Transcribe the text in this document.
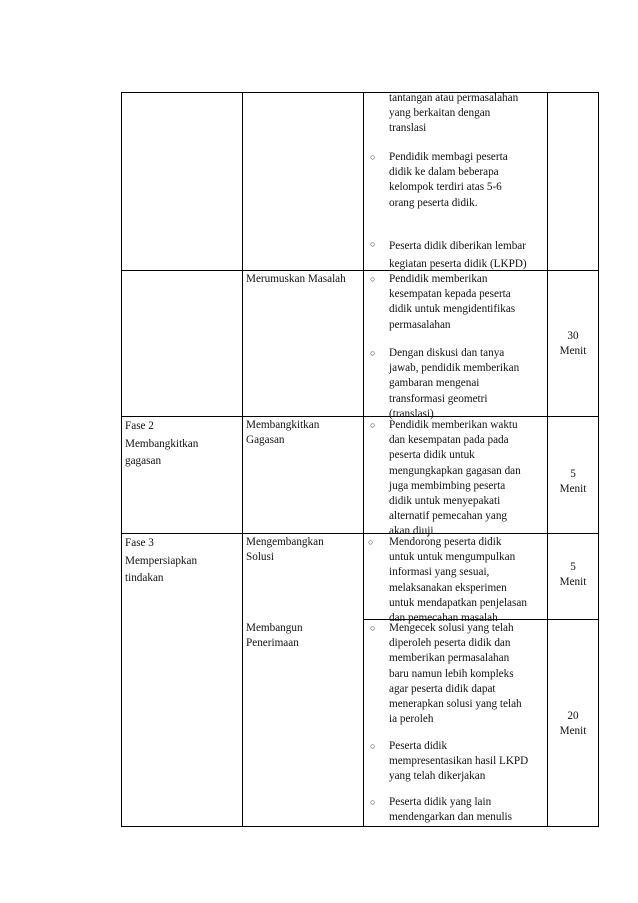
tantangan atau permasalahan
yang berkaitan dengan
translasi
○ Pendidik membagi peserta
didik ke dalam beberapa
kelompok terdiri atas 5-6
orang peserta didik.
○ Peserta didik diberikan lembar
kegiatan peserta didik (LKPD)
Merumuskan Masalah	○ Pendidik memberikan
kesempatan kepada peserta
didik untuk mengidentifikas
permasalahan
○ Dengan diskusi dan tanya
jawab, pendidik memberikan
gambaran mengenai
transformasi geometri
(translasi)
30
Menit
Fase 2
Membangkitkan
gagasan
Membangkitkan
Gagasan
○ Pendidik memberikan waktu
dan kesempatan pada pada
peserta didik untuk
mengungkapkan gagasan dan
juga membimbing peserta
didik untuk menyepakati
alternatif pemecahan yang
akan diuji
5
Menit
Fase 3
Mempersiapkan
tindakan
Mengembangkan
Solusi
○ Mendorong peserta didik
untuk untuk mengumpulkan
informasi yang sesuai,
melaksanakan eksperimen
untuk mendapatkan penjelasan
dan pemecahan masalah
5
Menit
Membangun
Penerimaan
○ Mengecek solusi yang telah
diperoleh peserta didik dan
memberikan permasalahan
baru namun lebih kompleks
agar peserta didik dapat
menerapkan solusi yang telah
ia peroleh
○ Peserta didik
mempresentasikan hasil LKPD
yang telah dikerjakan
○ Peserta didik yang lain
mendengarkan dan menulis
20
Menit
